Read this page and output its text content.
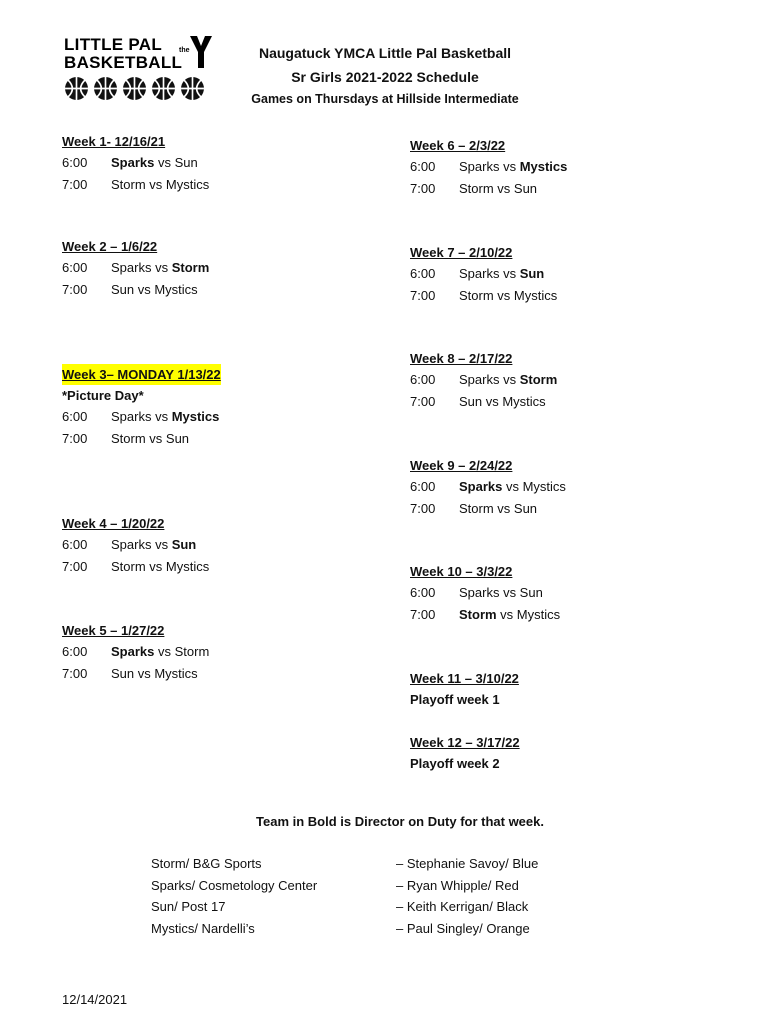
LITTLE PAL
BASKETBALL
the	Naugatuck YMCA Little Pal Basketball
Sr Girls 2021-2022 Schedule
Games on Thursdays at Hillside Intermediate
Week 1- 12/16/21
6:00 Sparks vs Sun
7:00 Storm vs Mystics
Week 2 – 1/6/22
6:00 Sparks vs Storm
7:00 Sun vs Mystics
Week 3– MONDAY 1/13/22
*Picture Day*
6:00 Sparks vs Mystics
7:00 Storm vs Sun
Week 4 – 1/20/22
6:00 Sparks vs Sun
7:00 Storm vs Mystics
Week 5 – 1/27/22
6:00 Sparks vs Storm
7:00 Sun vs Mystics
Week 6 – 2/3/22
6:00 Sparks vs Mystics
7:00 Storm vs Sun
Week 7 – 2/10/22
6:00 Sparks vs Sun
7:00 Storm vs Mystics
Week 8 – 2/17/22
6:00 Sparks vs Storm
7:00 Sun vs Mystics
Week 9 – 2/24/22
6:00 Sparks vs Mystics
7:00 Storm vs Sun
Week 10 – 3/3/22
6:00 Sparks vs Sun
7:00 Storm vs Mystics
Week 11 – 3/10/22
Playoff week 1
Week 12 – 3/17/22
Playoff week 2
Team in Bold is Director on Duty for that week.
Storm/ B&G Sports
Sparks/ Cosmetology Center
Sun/ Post 17
Mystics/ Nardelli’s
– Stephanie Savoy/ Blue
– Ryan Whipple/ Red
– Keith Kerrigan/ Black
– Paul Singley/ Orange
12/14/2021
